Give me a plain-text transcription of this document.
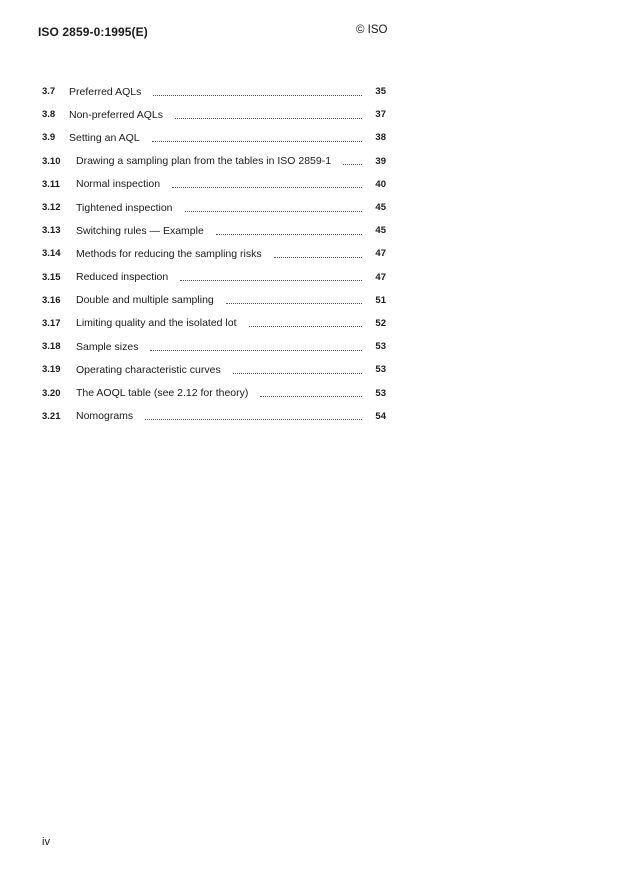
ISO 2859-0:1995(E)	© ISO
3.7	Preferred AQLs	35
3.8	Non-preferred AQLs	37
3.9	Setting an AQL	38
3.10	Drawing a sampling plan from the tables in ISO 2859-1	39
3.11	Normal inspection	40
3.12	Tightened inspection	45
3.13	Switching rules — Example	45
3.14	Methods for reducing the sampling risks	47
3.15	Reduced inspection	47
3.16	Double and multiple sampling	51
3.17	Limiting quality and the isolated lot	52
3.18	Sample sizes	53
3.19	Operating characteristic curves	53
3.20	The AOQL table (see 2.12 for theory)	53
3.21	Nomograms	54
iv
